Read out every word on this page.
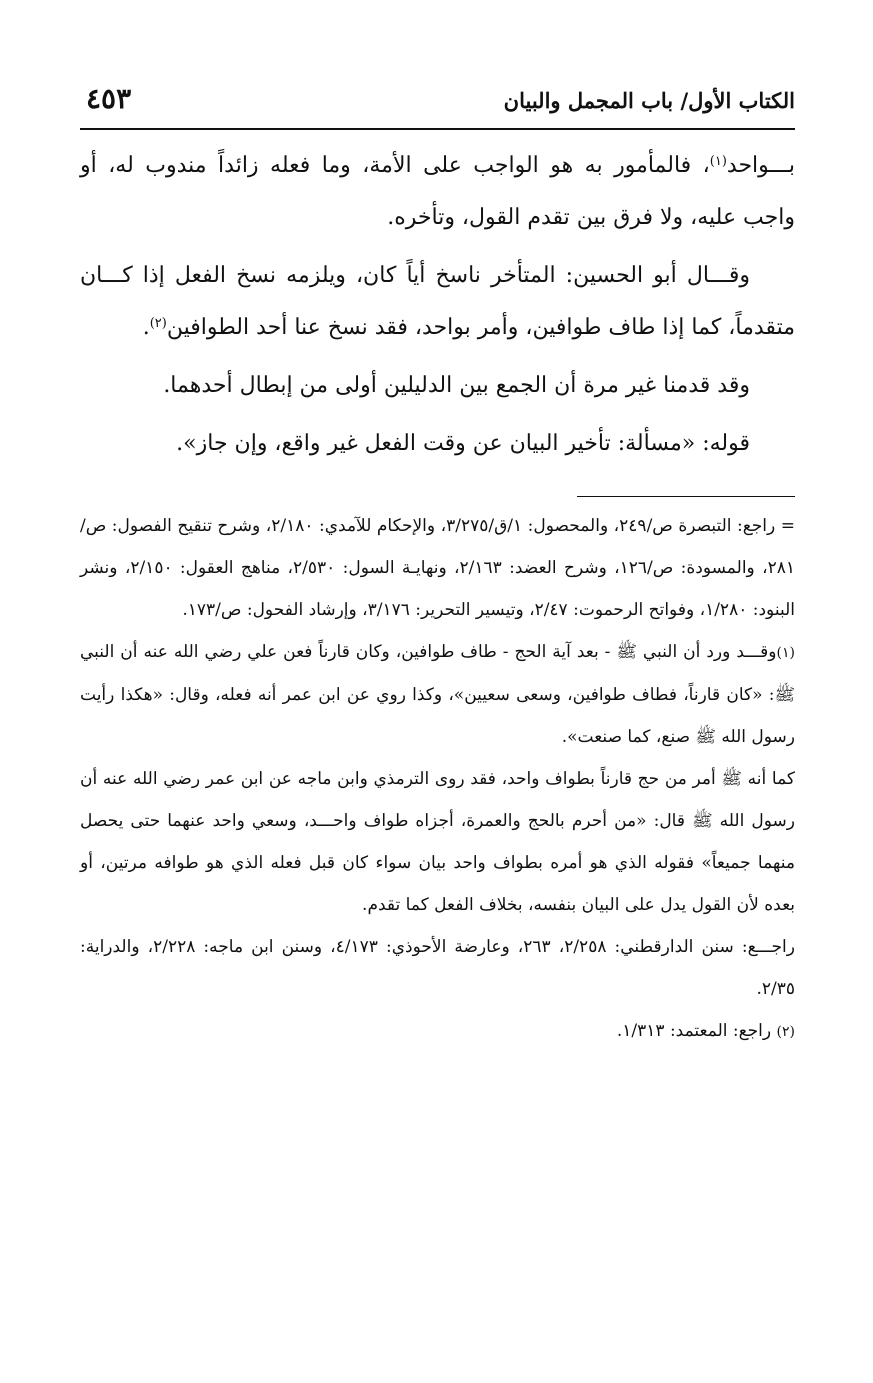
الكتاب الأول/ باب المجمل والبيان
٤٥٣

بـــواحد$^{(١)}$، فالمأمور به هو الواجب على الأمة، وما فعله زائداً مندوب له، أو واجب عليه، ولا فرق بين تقدم القول، وتأخره.

وقـــال أبو الحسين: المتأخر ناسخ أياً كان، ويلزمه نسخ الفعل إذا كـــان متقدماً، كما إذا طاف طوافين، وأمر بواحد، فقد نسخ عنا أحد الطوافين$^{(٢)}$.

وقد قدمنا غير مرة أن الجمع بين الدليلين أولى من إبطال أحدهما.

قوله: «مسألة: تأخير البيان عن وقت الفعل غير واقع، وإن جاز».

= راجع: التبصرة ص/٢٤٩، والمحصول: ١/ق/٣/٢٧٥، والإحكام للآمدي: ٢/١٨٠، وشرح تنقيح الفصول: ص/٢٨١، والمسودة: ص/١٢٦، وشرح العضد: ٢/١٦٣، ونهايـة السول: ٢/٥٣٠، مناهج العقول: ٢/١٥٠، ونشر البنود: ١/٢٨٠، وفواتح الرحموت: ٢/٤٧، وتيسير التحرير: ٣/١٧٦، وإرشاد الفحول: ص/١٧٣.

(١)وقـــد ورد أن النبي ﷺ - بعد آية الحج - طاف طوافين، وكان قارناً فعن علي رضي الله عنه أن النبي ﷺ: «كان قارناً، فطاف طوافين، وسعى سعيين»، وكذا روي عن ابن عمر أنه فعله، وقال: «هكذا رأيت رسول الله ﷺ صنع، كما صنعت».

كما أنه ﷺ أمر من حج قارناً بطواف واحد، فقد روى الترمذي وابن ماجه عن ابن عمر رضي الله عنه أن رسول الله ﷺ قال: «من أحرم بالحج والعمرة، أجزاه طواف واحـــد، وسعي واحد عنهما حتى يحصل منهما جميعاً» فقوله الذي هو أمره بطواف واحد بيان سواء كان قبل فعله الذي هو طوافه مرتين، أو بعده لأن القول يدل على البيان بنفسه، بخلاف الفعل كما تقدم.

راجـــع: سنن الدارقطني: ٢/٢٥٨، ٢٦٣، وعارضة الأحوذي: ٤/١٧٣، وسنن ابن ماجه: ٢/٢٢٨، والدراية: ٢/٣٥.

(٢) راجع: المعتمد: ١/٣١٣.
